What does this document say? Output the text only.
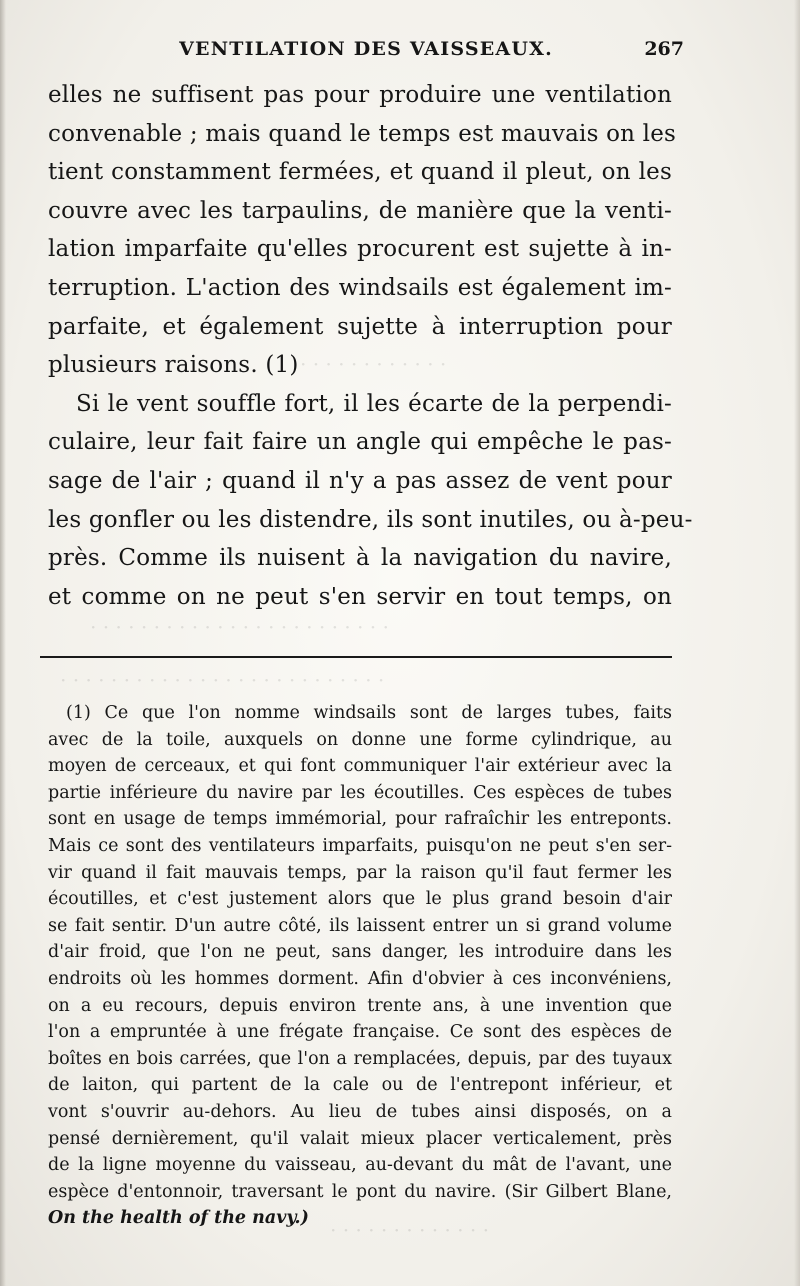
· · · · · · · · · · · ·
· · · · · · · · · · · · · · · · · · · · · · · ·
· · · · · · · · · · · · · · · · · · · · · · · · · ·
· · · · · · · · · · · · ·
VENTILATION DES VAISSEAUX.	267
elles ne suffisent pas pour produire une ventilation
convenable ; mais quand le temps est mauvais on les
tient constamment fermées, et quand il pleut, on les
couvre avec les tarpaulins, de manière que la venti-
lation imparfaite qu'elles procurent est sujette à in-
terruption. L'action des windsails est également im-
parfaite, et également sujette à interruption pour
plusieurs raisons. (1)
Si le vent souffle fort, il les écarte de la perpendi-
culaire, leur fait faire un angle qui empêche le pas-
sage de l'air ; quand il n'y a pas assez de vent pour
les gonfler ou les distendre, ils sont inutiles, ou à-peu-
près. Comme ils nuisent à la navigation du navire,
et comme on ne peut s'en servir en tout temps, on
(1) Ce que l'on nomme windsails sont de larges tubes, faits
avec de la toile, auxquels on donne une forme cylindrique, au
moyen de cerceaux, et qui font communiquer l'air extérieur avec la
partie inférieure du navire par les écoutilles. Ces espèces de tubes
sont en usage de temps immémorial, pour rafraîchir les entreponts.
Mais ce sont des ventilateurs imparfaits, puisqu'on ne peut s'en ser-
vir quand il fait mauvais temps, par la raison qu'il faut fermer les
écoutilles, et c'est justement alors que le plus grand besoin d'air
se fait sentir. D'un autre côté, ils laissent entrer un si grand volume
d'air froid, que l'on ne peut, sans danger, les introduire dans les
endroits où les hommes dorment. Afin d'obvier à ces inconvéniens,
on a eu recours, depuis environ trente ans, à une invention que
l'on a empruntée à une frégate française. Ce sont des espèces de
boîtes en bois carrées, que l'on a remplacées, depuis, par des tuyaux
de laiton, qui partent de la cale ou de l'entrepont inférieur, et
vont s'ouvrir au-dehors. Au lieu de tubes ainsi disposés, on a
pensé dernièrement, qu'il valait mieux placer verticalement, près
de la ligne moyenne du vaisseau, au-devant du mât de l'avant, une
espèce d'entonnoir, traversant le pont du navire. (Sir Gilbert Blane,
On the health of the navy.)
